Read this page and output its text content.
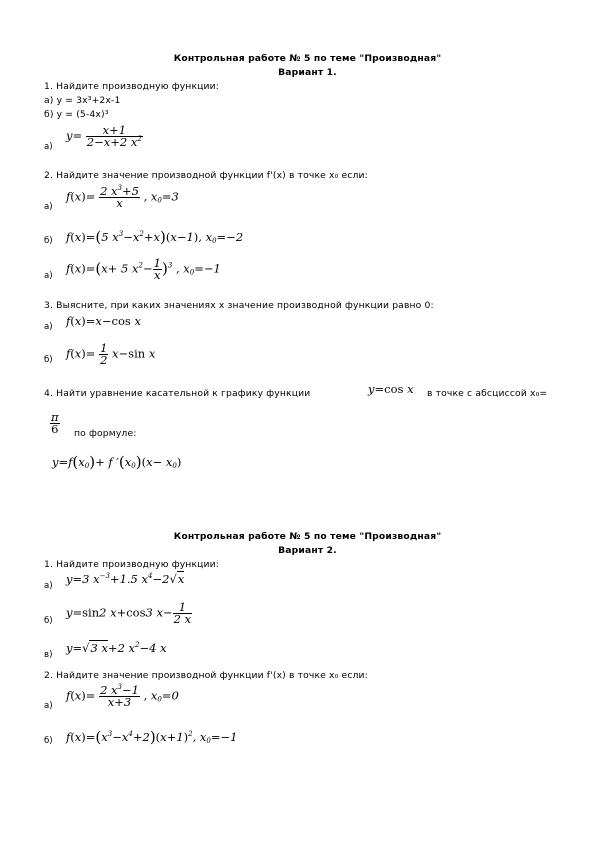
Контрольная работе № 5 по теме "Производная"
Вариант 1.
1. Найдите производную функции:
а) y = 3x³+2x-1
б) y = (5-4x)³
а)
$y= \frac{x+1}{2-x+2 x^2}$
2. Найдите значение производной функции f'(x) в точке x₀ если:
а)
$f(x)= \frac{2 x^3+5}{x}$ , $x_0=3$
б) f(x)=(5 $x^3-x^2+x)(x-1)$, $x_0=-2$
а)
f(x)=(x+ 5 $x^2- \frac{1}{x} )^3$ , $x_0=-1$
3. Выясните, при каких значениях x значение производной функции равно 0:
а) f(x)=x−cos x
б) $f(x)= \frac{1}{2} x-\sin$ x
4. Найти уравнение касательной к графику функции	y=cos x в точке с абсциссой x₀=
$\frac{\pi}{6}$ по формуле:
$y=f(x_0)+ f$ $'(x_0)(x- x_0)$
Контрольная работе № 5 по теме "Производная"
Вариант 2.
1. Найдите производную функции:
а) y=3 $x^{-3}+1.5$ $x^4-2√x$
б)
y=sin2 x+cos3 $x- \frac{1}{2 x}$
в) y=√3 x+2 $x^2-4$ x
2. Найдите значение производной функции f'(x) в точке x₀ если:
а)
$f(x)= \frac{2 x^3-1}{x+3}$ , $x_0=0$
б) $f(x)=(x^3-x^4+2)(x+1)^2$, $x_0=-1$
